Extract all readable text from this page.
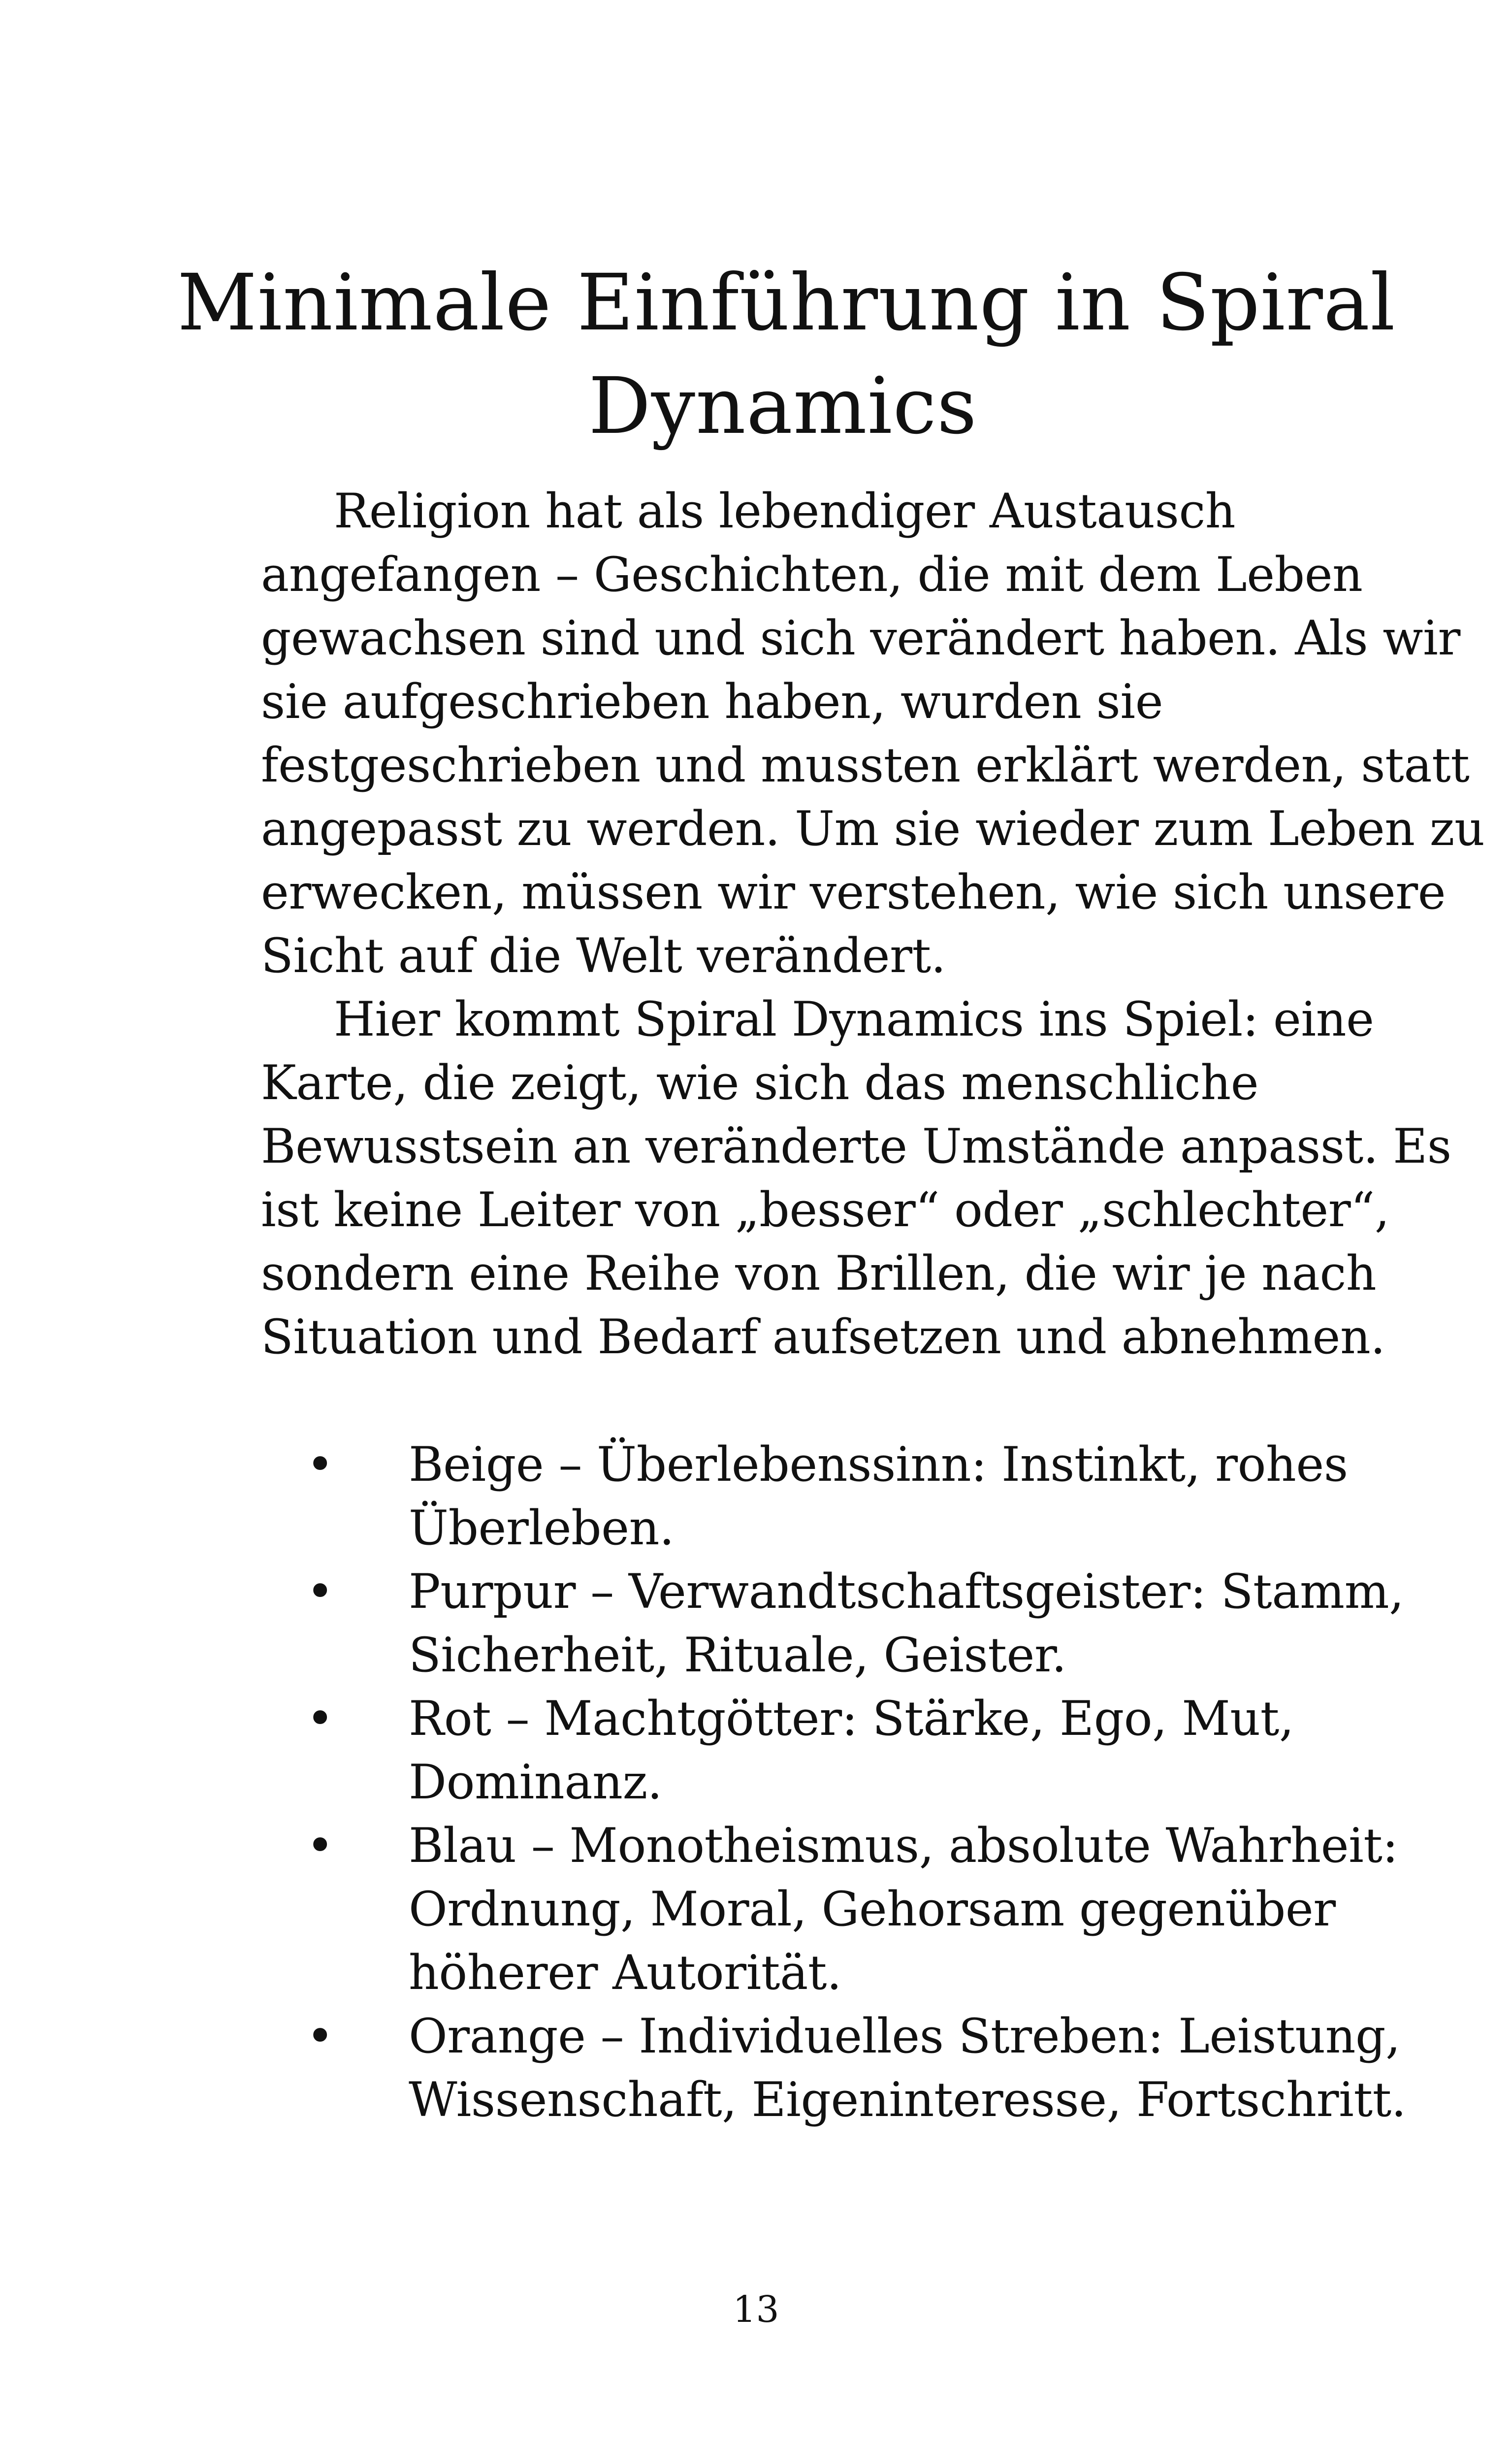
Minimale Einführung in Spiral
Dynamics

Religion hat als lebendiger Austausch
angefangen – Geschichten, die mit dem Leben
gewachsen sind und sich verändert haben. Als wir
sie aufgeschrieben haben, wurden sie
festgeschrieben und mussten erklärt werden, statt
angepasst zu werden. Um sie wieder zum Leben zu
erwecken, müssen wir verstehen, wie sich unsere
Sicht auf die Welt verändert.

Hier kommt Spiral Dynamics ins Spiel: eine
Karte, die zeigt, wie sich das menschliche
Bewusstsein an veränderte Umstände anpasst. Es
ist keine Leiter von „besser“ oder „schlechter“,
sondern eine Reihe von Brillen, die wir je nach
Situation und Bedarf aufsetzen und abnehmen.

• Beige – Überlebenssinn: Instinkt, rohes
Überleben.
• Purpur – Verwandtschaftsgeister: Stamm,
Sicherheit, Rituale, Geister.
• Rot – Machtgötter: Stärke, Ego, Mut,
Dominanz.
• Blau – Monotheismus, absolute Wahrheit:
Ordnung, Moral, Gehorsam gegenüber
höherer Autorität.
• Orange – Individuelles Streben: Leistung,
Wissenschaft, Eigeninteresse, Fortschritt.
13
